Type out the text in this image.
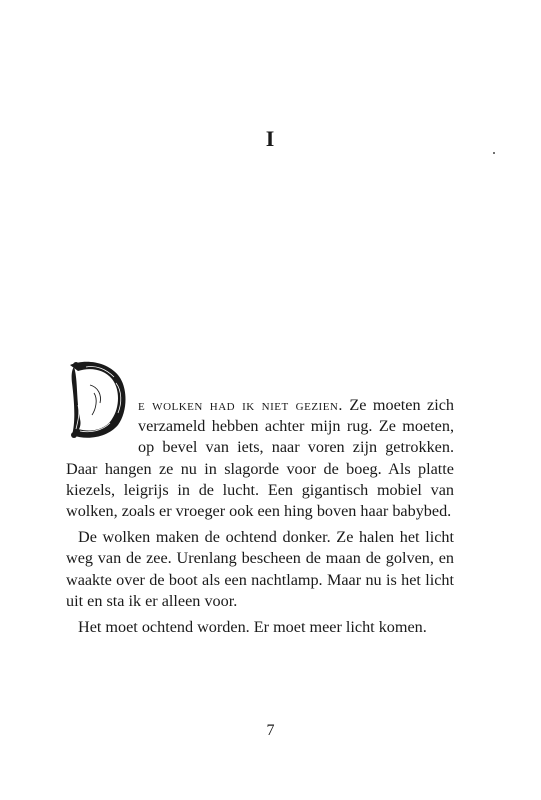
I

e wolken had ik niet gezien. Ze moeten zich verzameld hebben achter mijn rug. Ze moeten, op bevel van iets, naar voren zijn getrokken. Daar hangen ze nu in slagorde voor de boeg. Als platte kiezels, leigrijs in de lucht. Een gigantisch mobiel van wolken, zoals er vroeger ook een hing boven haar babybed.

De wolken maken de ochtend donker. Ze halen het licht weg van de zee. Urenlang bescheen de maan de golven, en waakte over de boot als een nachtlamp. Maar nu is het licht uit en sta ik er alleen voor.

Het moet ochtend worden. Er moet meer licht komen.

7
